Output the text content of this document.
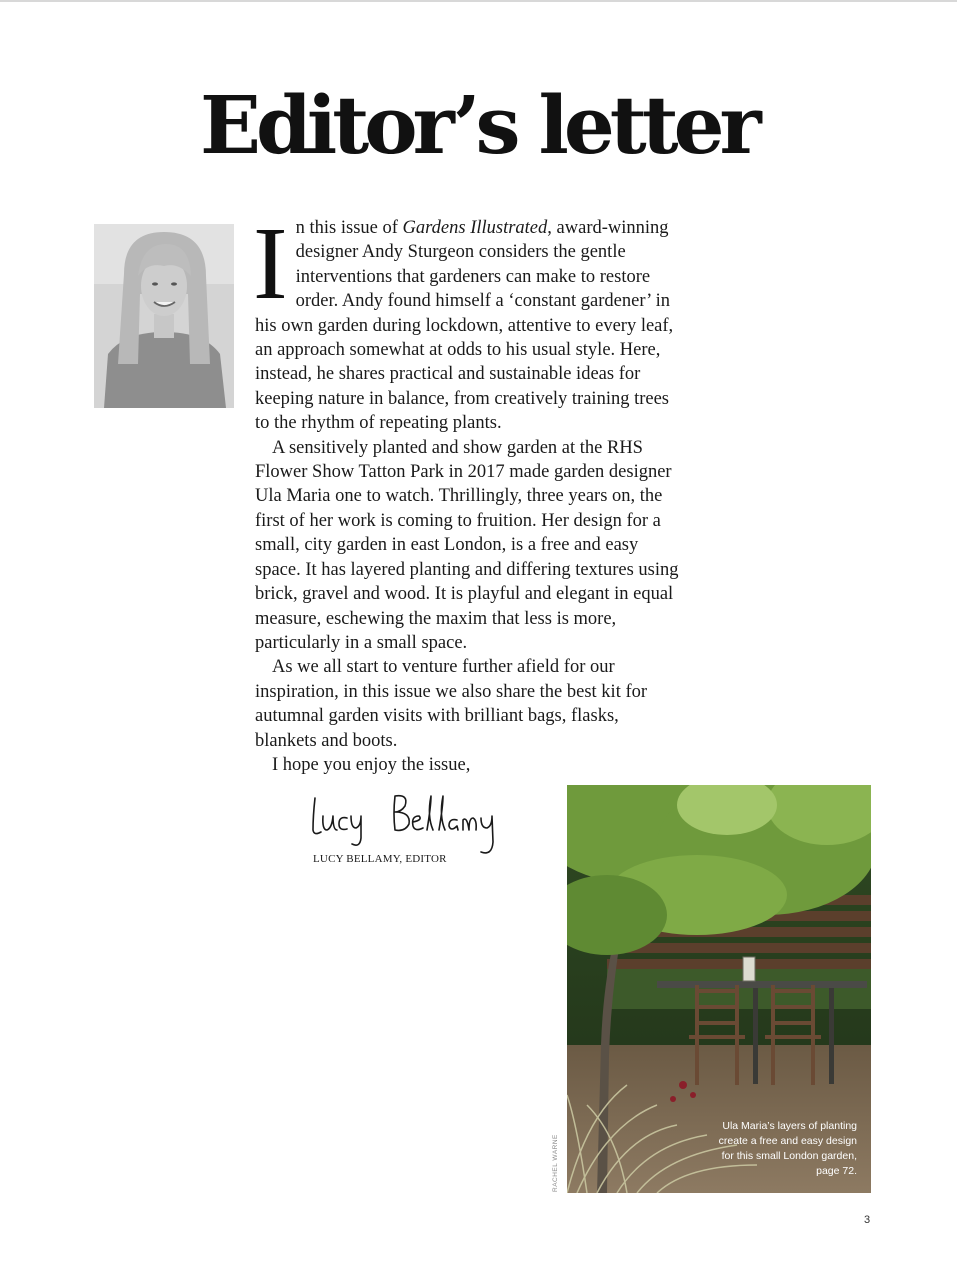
Editor’s letter

In this issue of Gardens Illustrated, award-winning designer Andy Sturgeon considers the gentle interventions that gardeners can make to restore order. Andy found himself a ‘constant gardener’ in his own garden during lockdown, attentive to every leaf, an approach somewhat at odds to his usual style. Here, instead, he shares practical and sustainable ideas for keeping nature in balance, from creatively training trees to the rhythm of repeating plants.

A sensitively planted and show garden at the RHS Flower Show Tatton Park in 2017 made garden designer Ula Maria one to watch. Thrillingly, three years on, the first of her work is coming to fruition. Her design for a small, city garden in east London, is a free and easy space. It has layered planting and differing textures using brick, gravel and wood. It is playful and elegant in equal measure, eschewing the maxim that less is more, particularly in a small space.

As we all start to venture further afield for our inspiration, in this issue we also share the best kit for autumnal garden visits with brilliant bags, flasks, blankets and boots.

I hope you enjoy the issue,

LUCY BELLAMY, EDITOR
Ula Maria’s layers of planting create a free and easy design for this small London garden, page 72.
RACHEL WARNE
3
